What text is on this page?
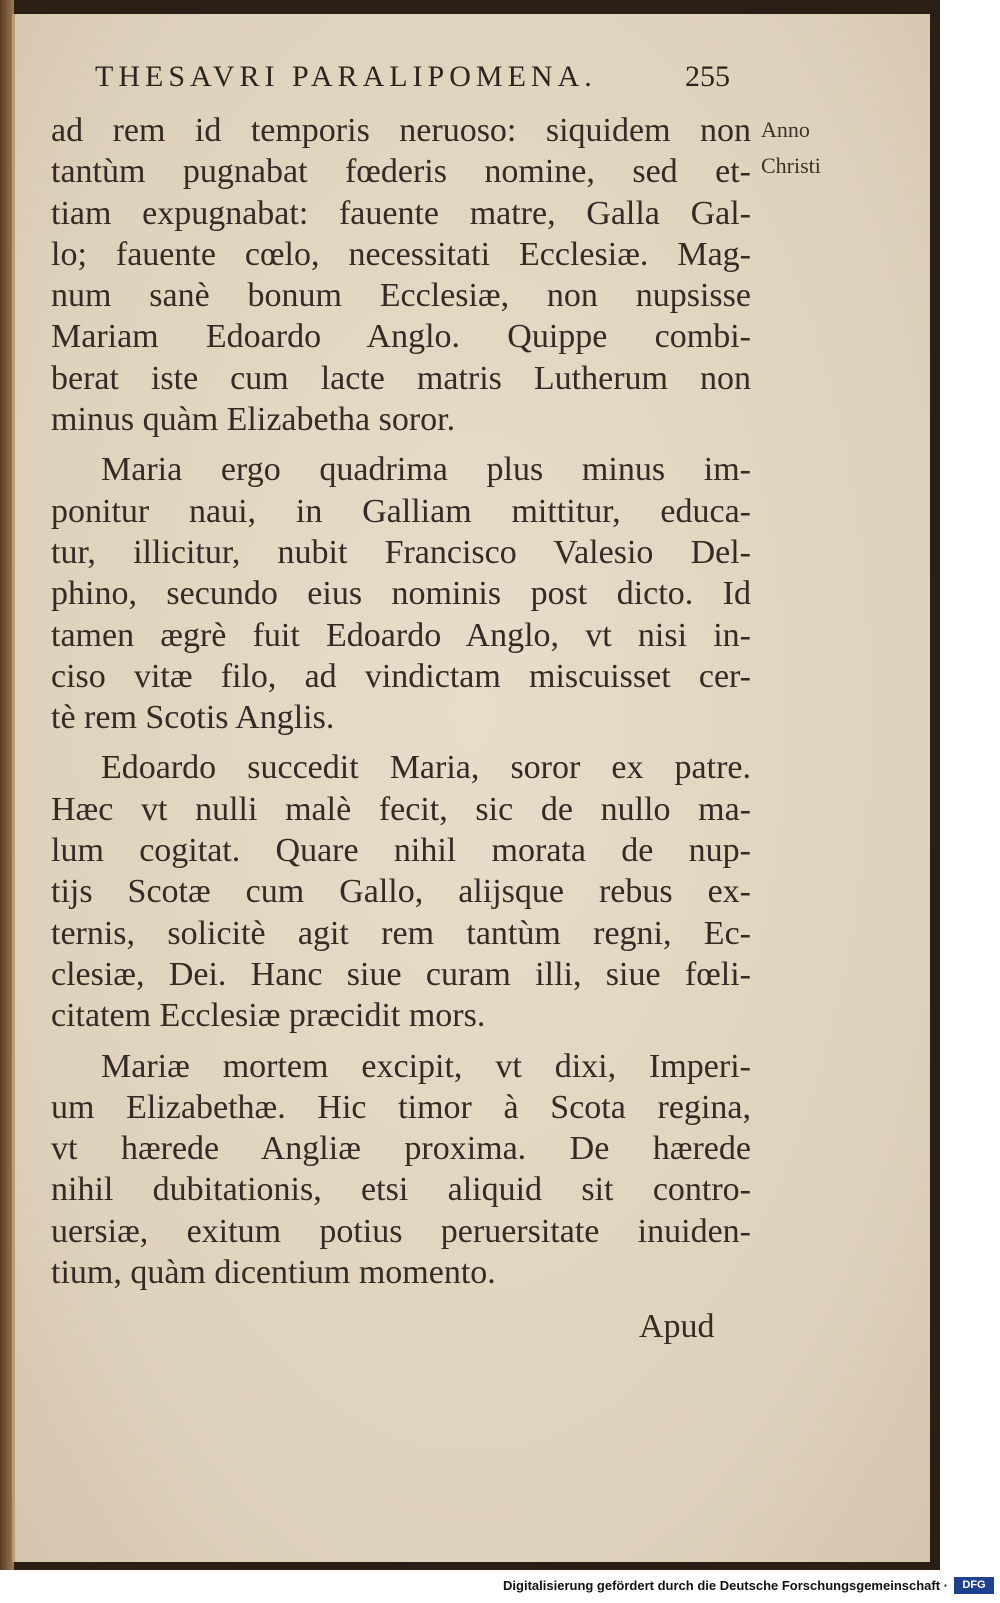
THESAVRI PARALIPOMENA.	255
Anno
Christi

ad rem id temporis neruoso: siquidem non
tantùm pugnabat fœderis nomine, sed et-
tiam expugnabat: fauente matre, Galla Gal-
lo; fauente cœlo, necessitati Ecclesiæ. Mag-
num sanè bonum Ecclesiæ, non nupsisse
Mariam Edoardo Anglo. Quippe combi-
berat iste cum lacte matris Lutherum non
minus quàm Elizabetha soror.

Maria ergo quadrima plus minus im-
ponitur naui, in Galliam mittitur, educa-
tur, illicitur, nubit Francisco Valesio Del-
phino, secundo eius nominis post dicto. Id
tamen ægrè fuit Edoardo Anglo, vt nisi in-
ciso vitæ filo, ad vindictam miscuisset cer-
tè rem Scotis Anglis.

Edoardo succedit Maria, soror ex patre.
Hæc vt nulli malè fecit, sic de nullo ma-
lum cogitat. Quare nihil morata de nup-
tijs Scotæ cum Gallo, alijsque rebus ex-
ternis, solicitè agit rem tantùm regni, Ec-
clesiæ, Dei. Hanc siue curam illi, siue fœli-
citatem Ecclesiæ præcidit mors.

Mariæ mortem excipit, vt dixi, Imperi-
um Elizabethæ. Hic timor à Scota regina,
vt hærede Angliæ proxima. De hærede
nihil dubitationis, etsi aliquid sit contro-
uersiæ, exitum potius peruersitate inuiden-
tium, quàm dicentium momento.

Apud
Digitalisierung gefördert durch die Deutsche Forschungsgemeinschaft ·	DFG
